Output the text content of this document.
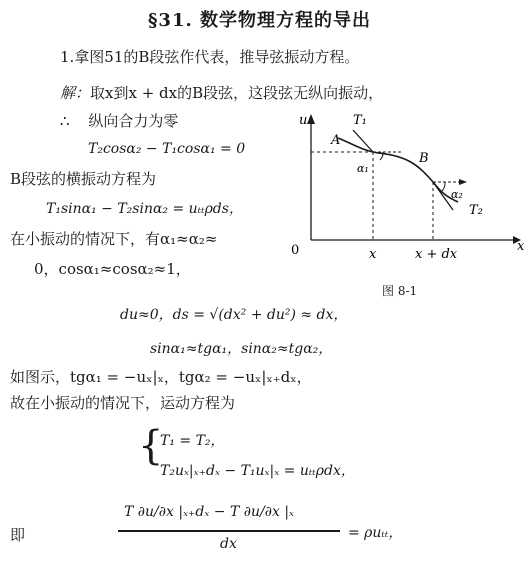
§31. 数学物理方程的导出
1.拿图51的B段弦作代表，推导弦振动方程。
解：取x到x + dx的B段弦，这段弦无纵向振动，
∴ 纵向合力为零
T₂cosα₂ − T₁cosα₁ = 0
B段弦的横振动方程为
T₁sinα₁ − T₂sinα₂ = uₜₜρds，
在小振动的情况下，有α₁≈α₂≈
0，cosα₁≈cosα₂≈1，
u
x
0	x	x + dx
T₁
A
α₁
B
α₂
T₂
图 8-1
du≈0，ds = √(dx² + du²) ≈ dx，
sinα₁≈tgα₁，sinα₂≈tgα₂，
如图示，tgα₁ = −uₓ|ₓ，tgα₂ = −uₓ|ₓ₊dₓ，
故在小振动的情况下，运动方程为
{
T₁ = T₂，
T₂uₓ|ₓ₊dₓ − T₁uₓ|ₓ = uₜₜρdx，
即
T ∂u/∂x |ₓ₊dₓ − T ∂u/∂x |ₓ
dx
= ρuₜₜ，
